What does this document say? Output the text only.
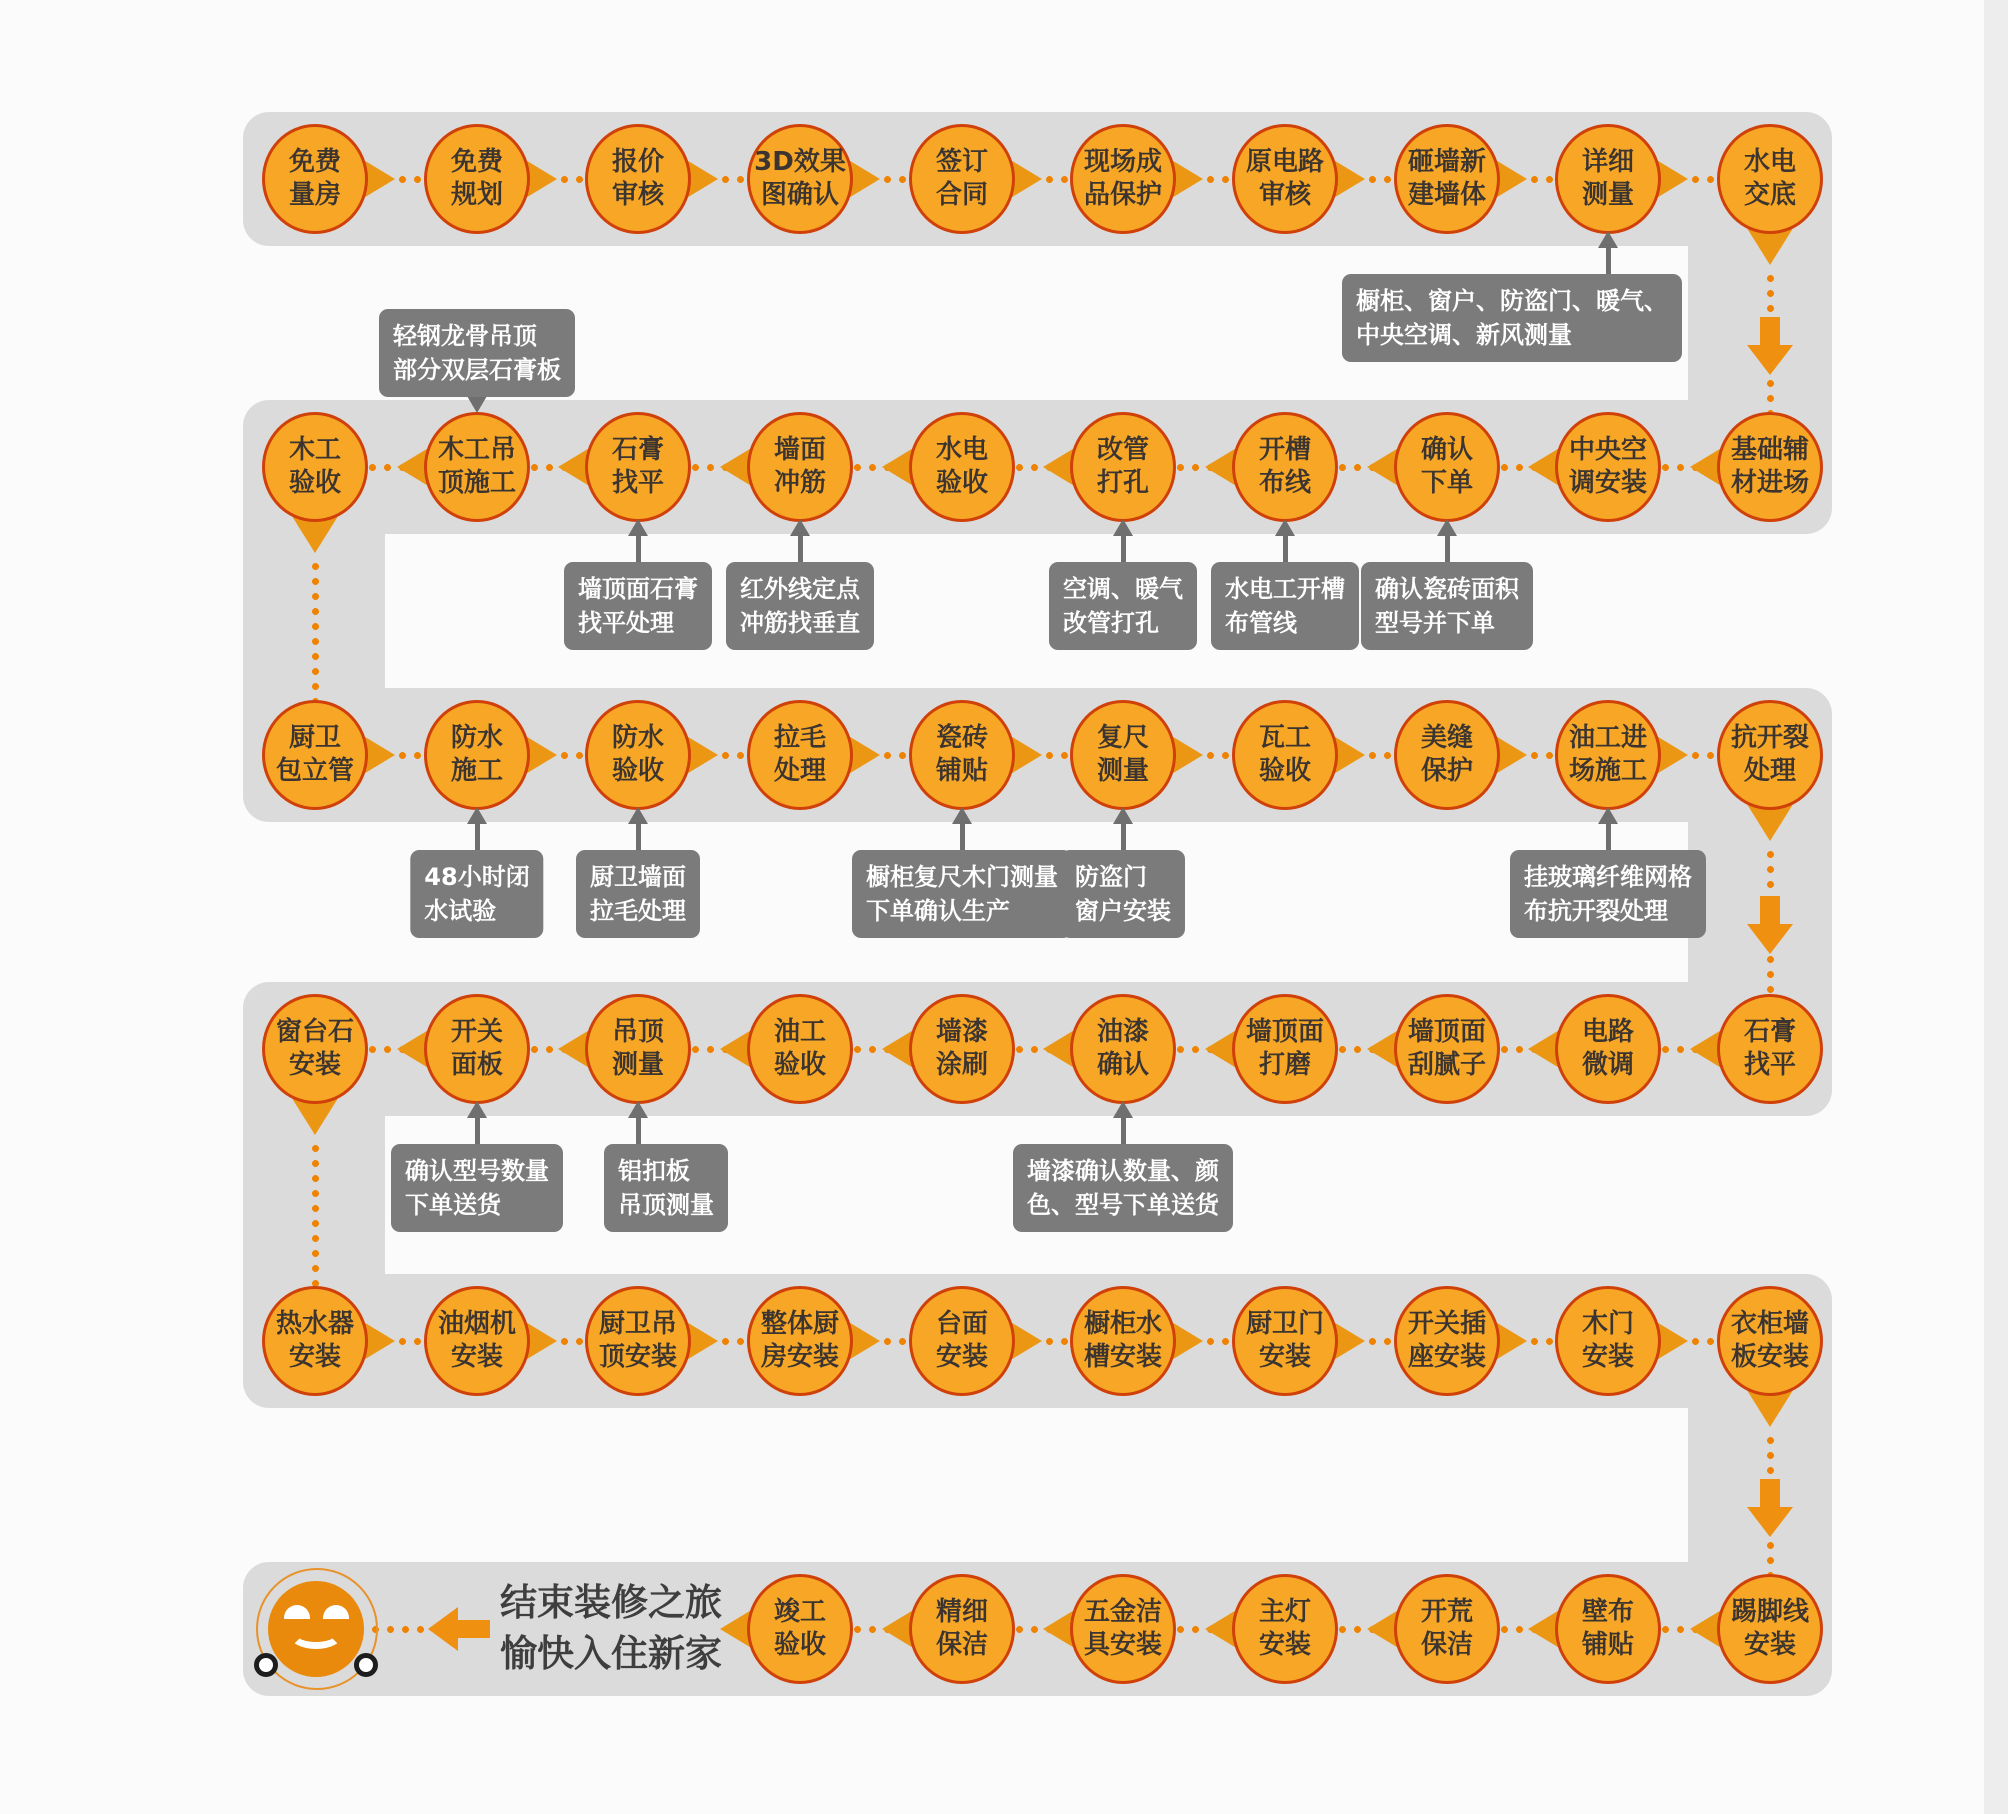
免费
量房
免费
规划
报价
审核
3D效果
图确认
签订
合同
现场成
品保护
原电路
审核
砸墙新
建墙体
详细
测量
水电
交底
木工
验收
木工吊
顶施工
石膏
找平
墙面
冲筋
水电
验收
改管
打孔
开槽
布线
确认
下单
中央空
调安装
基础辅
材进场
厨卫
包立管
防水
施工
防水
验收
拉毛
处理
瓷砖
铺贴
复尺
测量
瓦工
验收
美缝
保护
油工进
场施工
抗开裂
处理
窗台石
安装
开关
面板
吊顶
测量
油工
验收
墙漆
涂刷
油漆
确认
墙顶面
打磨
墙顶面
刮腻子
电路
微调
石膏
找平
热水器
安装
油烟机
安装
厨卫吊
顶安装
整体厨
房安装
台面
安装
橱柜水
槽安装
厨卫门
安装
开关插
座安装
木门
安装
衣柜墙
板安装
竣工
验收
精细
保洁
五金洁
具安装
主灯
安装
开荒
保洁
壁布
铺贴
踢脚线
安装
橱柜、窗户、防盗门、暖气、
中央空调、新风测量
轻钢龙骨吊顶
部分双层石膏板
墙顶面石膏
找平处理
红外线定点
冲筋找垂直
空调、暖气
改管打孔
水电工开槽
布管线
确认瓷砖面积
型号并下单
48小时闭
水试验
厨卫墙面
拉毛处理
橱柜复尺木门测量
下单确认生产
防盗门
窗户安装
挂玻璃纤维网格
布抗开裂处理
确认型号数量
下单送货
铝扣板
吊顶测量
墙漆确认数量、颜
色、型号下单送货
结束装修之旅
愉快入住新家
